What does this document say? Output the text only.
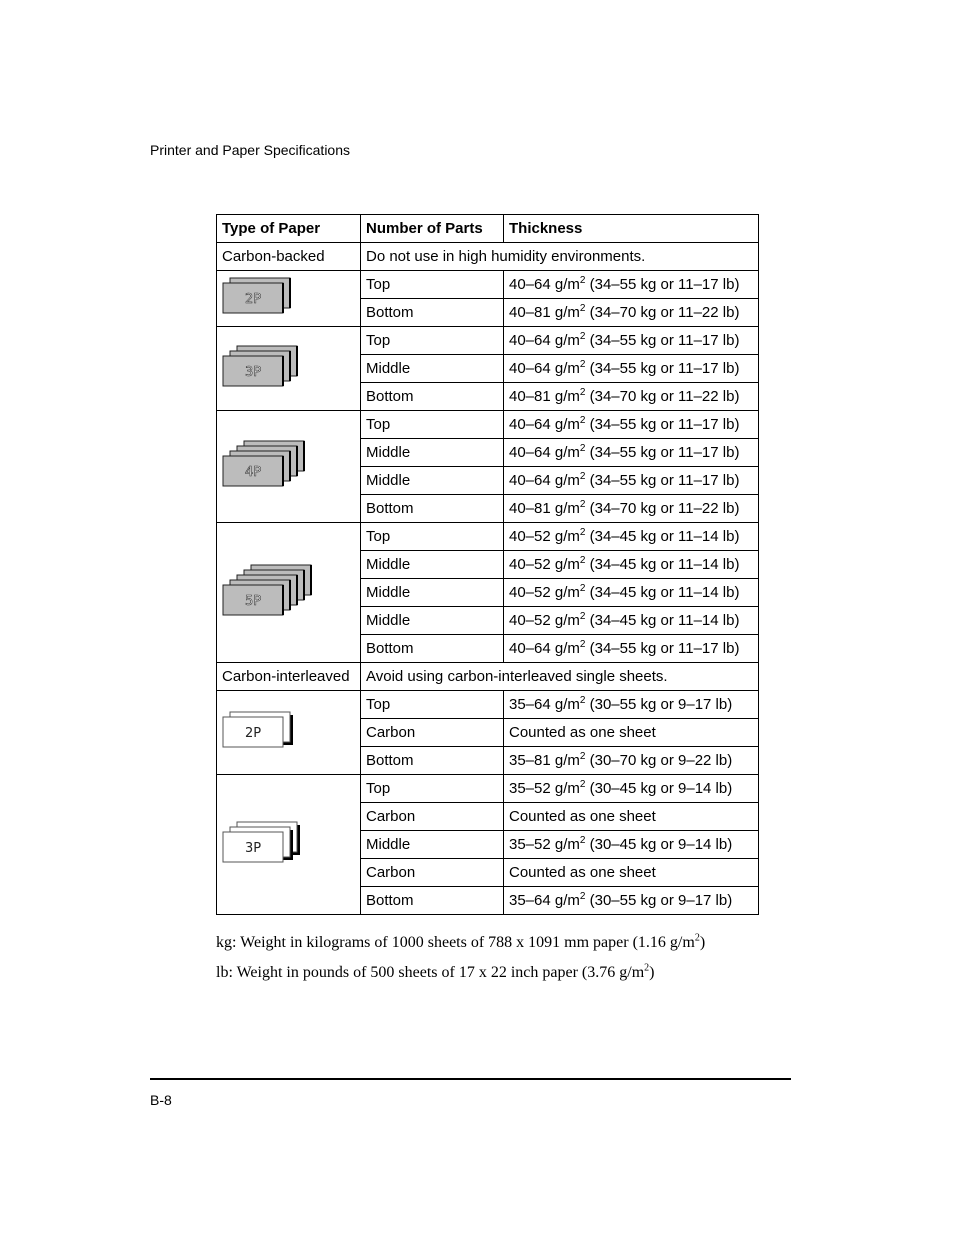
Printer and Paper Specifications
Type of Paper	Number of Parts	Thickness
Carbon-backed	Do not use in high humidity environments.	

2P	Top	40–64 $g/m^2$ (34–55 kg or 11–17 lb)
	Bottom	40–81 $g/m^2$ (34–70 kg or 11–22 lb)

3P	Top	40–64 $g/m^2$ (34–55 kg or 11–17 lb)
	Middle	40–64 $g/m^2$ (34–55 kg or 11–17 lb)
	Bottom	40–81 $g/m^2$ (34–70 kg or 11–22 lb)

4P	Top	40–64 $g/m^2$ (34–55 kg or 11–17 lb)
	Middle	40–64 $g/m^2$ (34–55 kg or 11–17 lb)
	Middle	40–64 $g/m^2$ (34–55 kg or 11–17 lb)
	Bottom	40–81 $g/m^2$ (34–70 kg or 11–22 lb)

5P	Top	40–52 $g/m^2$ (34–45 kg or 11–14 lb)
	Middle	40–52 $g/m^2$ (34–45 kg or 11–14 lb)
	Middle	40–52 $g/m^2$ (34–45 kg or 11–14 lb)
	Middle	40–52 $g/m^2$ (34–45 kg or 11–14 lb)
	Bottom	40–64 $g/m^2$ (34–55 kg or 11–17 lb)
Carbon-interleaved	Avoid using carbon-interleaved single sheets.	

2P	Top	35–64 $g/m^2$ (30–55 kg or 9–17 lb)
	Carbon	Counted as one sheet
	Bottom	35–81 $g/m^2$ (30–70 kg or 9–22 lb)

3P	Top	35–52 $g/m^2$ (30–45 kg or 9–14 lb)
	Carbon	Counted as one sheet
	Middle	35–52 $g/m^2$ (30–45 kg or 9–14 lb)
	Carbon	Counted as one sheet
	Bottom	35–64 $g/m^2$ (30–55 kg or 9–17 lb)
kg: Weight in kilograms of 1000 sheets of 788 x 1091 mm paper (1.16 $g/m^2$)
lb: Weight in pounds of 500 sheets of 17 x 22 inch paper (3.76 $g/m^2$)
B-8
